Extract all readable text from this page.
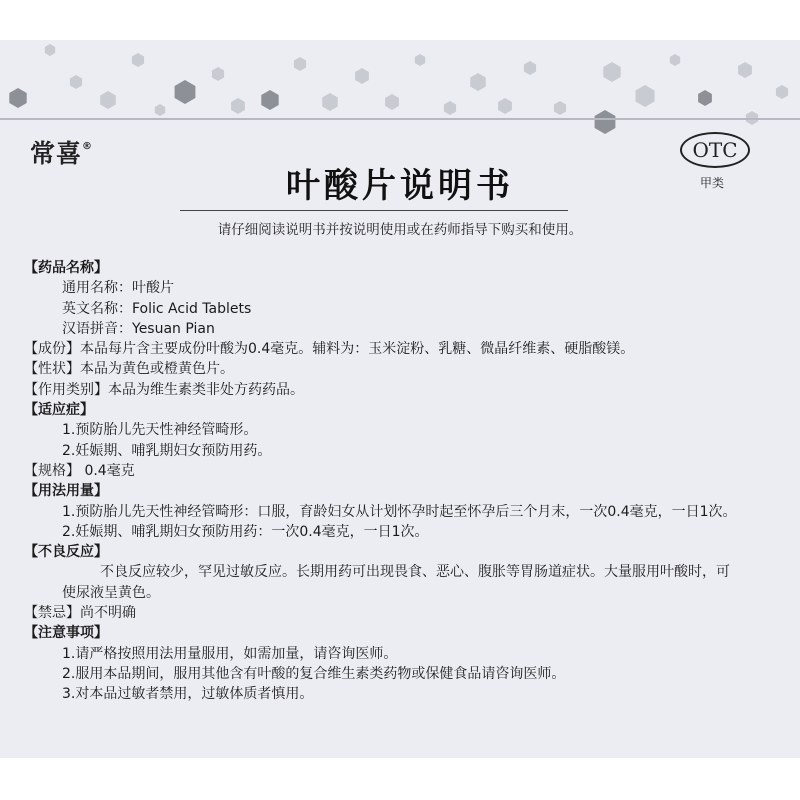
常喜®	OTC
甲类
叶酸片说明书
请仔细阅读说明书并按说明使用或在药师指导下购买和使用。
【药品名称】
通用名称：叶酸片
英文名称：Folic Acid Tablets
汉语拼音：Yesuan Pian
【成份】本品每片含主要成份叶酸为0.4毫克。辅料为：玉米淀粉、乳糖、微晶纤维素、硬脂酸镁。
【性状】本品为黄色或橙黄色片。
【作用类别】本品为维生素类非处方药药品。
【适应症】
1.预防胎儿先天性神经管畸形。
2.妊娠期、哺乳期妇女预防用药。
【规格】 0.4毫克
【用法用量】
1.预防胎儿先天性神经管畸形：口服，育龄妇女从计划怀孕时起至怀孕后三个月末，一次0.4毫克，一日1次。
2.妊娠期、哺乳期妇女预防用药：一次0.4毫克，一日1次。
【不良反应】
不良反应较少，罕见过敏反应。长期用药可出现畏食、恶心、腹胀等胃肠道症状。大量服用叶酸时，可使尿液呈黄色。
【禁忌】尚不明确
【注意事项】
1.请严格按照用法用量服用，如需加量，请咨询医师。
2.服用本品期间，服用其他含有叶酸的复合维生素类药物或保健食品请咨询医师。
3.对本品过敏者禁用，过敏体质者慎用。
